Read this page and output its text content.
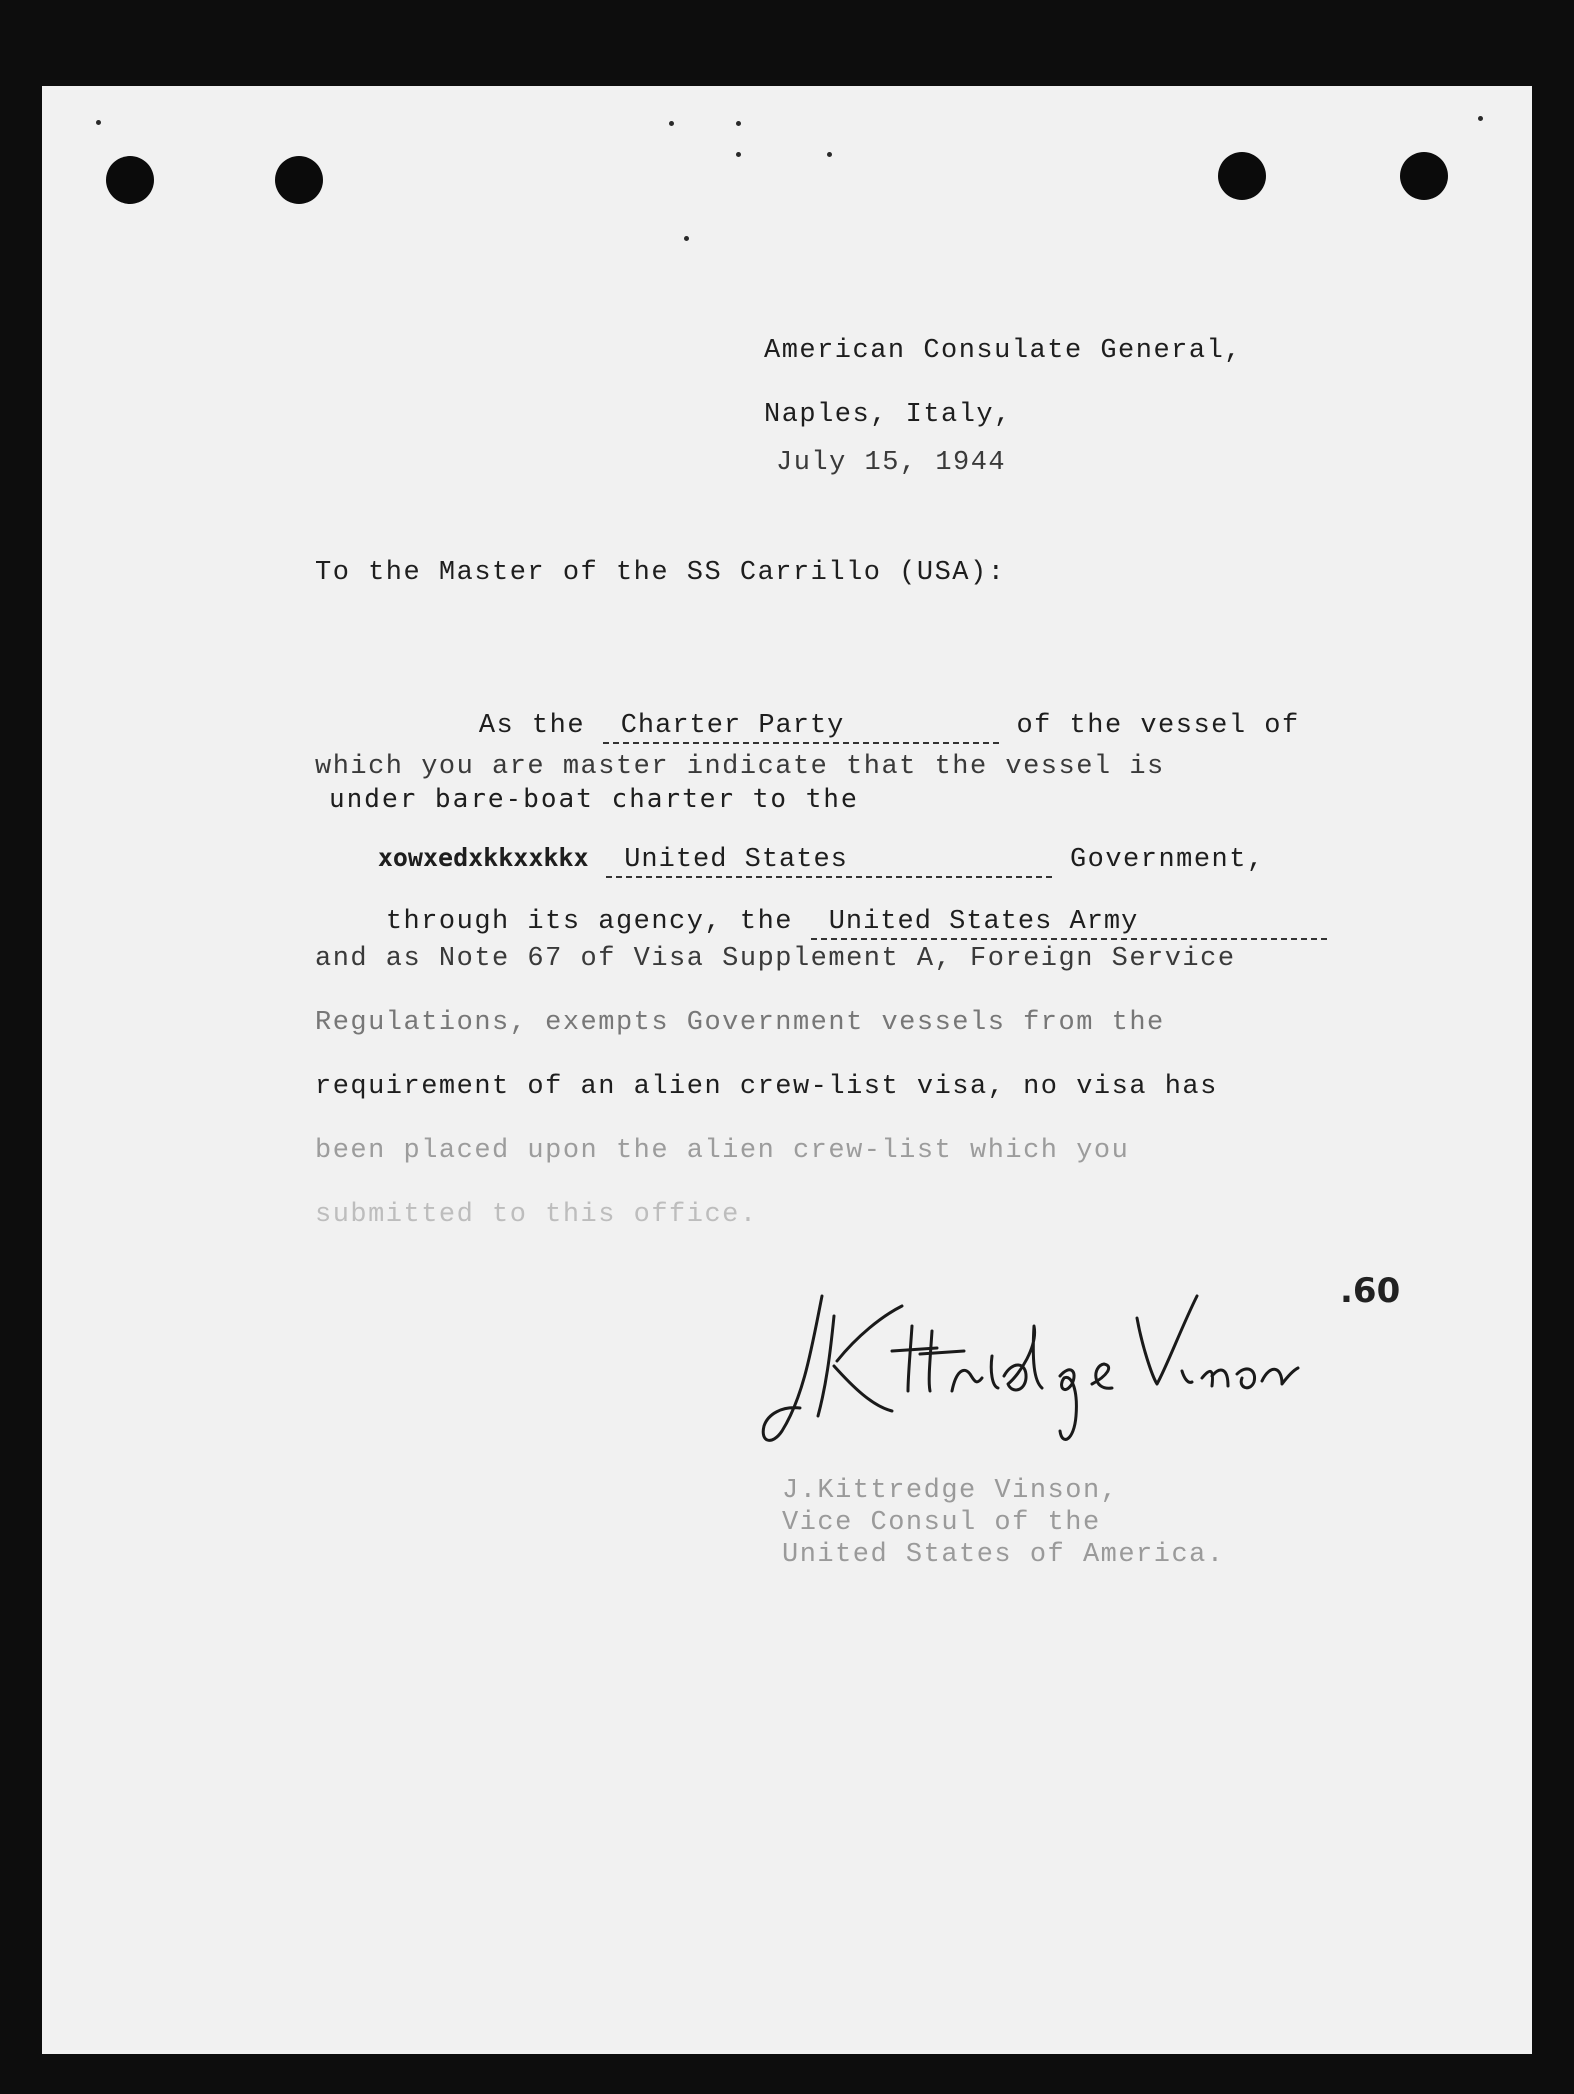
American Consulate General,
Naples, Italy,
July 15, 1944
To the Master of the SS Carrillo (USA):

As the Charter Party	of the vessel of

which you are master indicate that the vessel is
under bare-boat charter to the

xowxedxkkxxkkx United States	Government,

through its agency, the United States Army

and as Note 67 of Visa Supplement A, Foreign Service
Regulations, exempts Government vessels from the
requirement of an alien crew-list visa, no visa has
been placed upon the alien crew-list which you
submitted to this office.
J.Kittredge Vinson,
Vice Consul of the
United States of America.
.60
